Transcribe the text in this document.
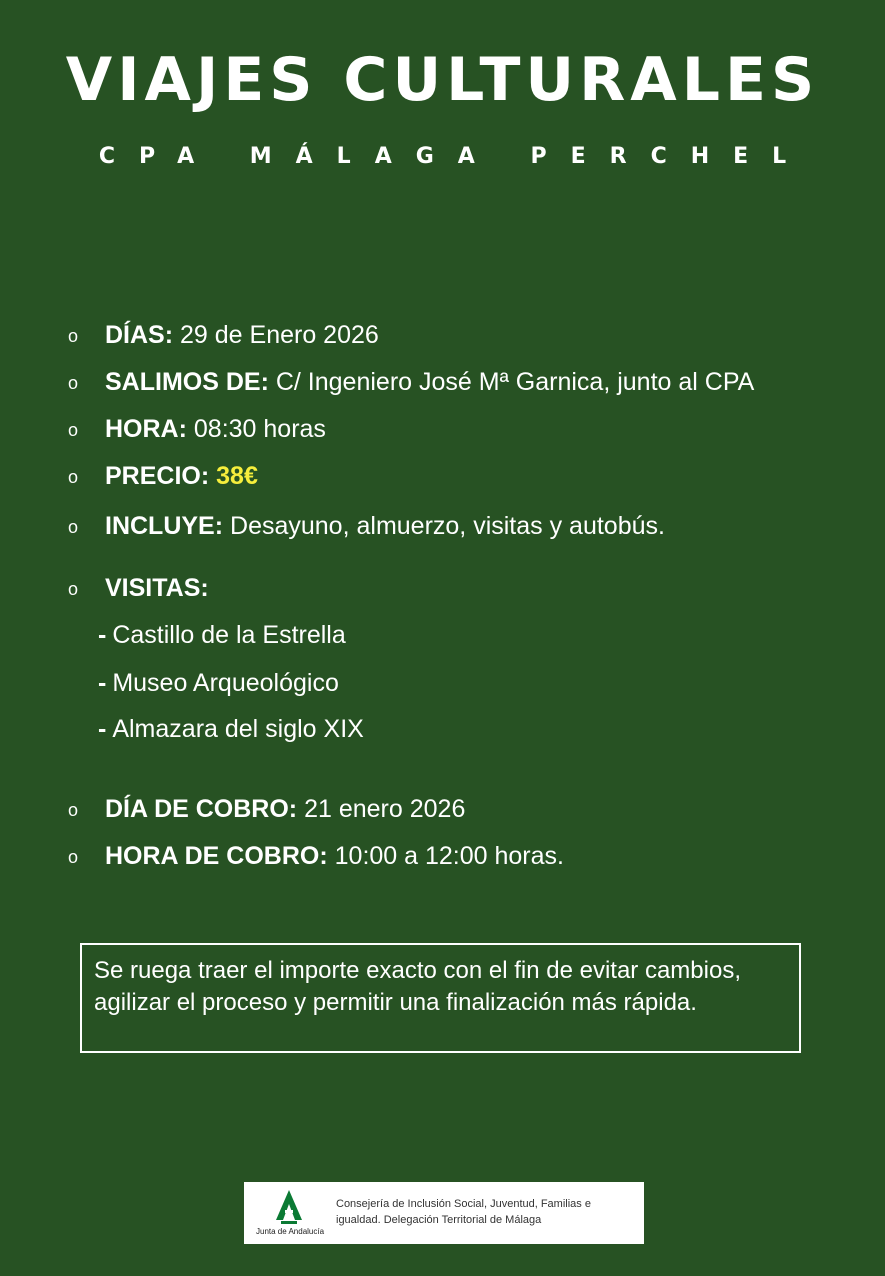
VIAJES CULTURALES
CPA MÁLAGA PERCHEL
o DÍAS: 29 de Enero 2026
o SALIMOS DE: C/ Ingeniero José Mª Garnica, junto al CPA
o HORA: 08:30 horas
o PRECIO: 38€
o INCLUYE: Desayuno, almuerzo, visitas y autobús.
o VISITAS:
- Castillo de la Estrella
- Museo Arqueológico
- Almazara del siglo XIX
o DÍA DE COBRO: 21 enero 2026
o HORA DE COBRO: 10:00 a 12:00 horas.
Se ruega traer el importe exacto con el fin de evitar cambios, agilizar el proceso y permitir una finalización más rápida.
Junta de Andalucía
Consejería de Inclusión Social, Juventud, Familias e
igualdad. Delegación Territorial de Málaga
